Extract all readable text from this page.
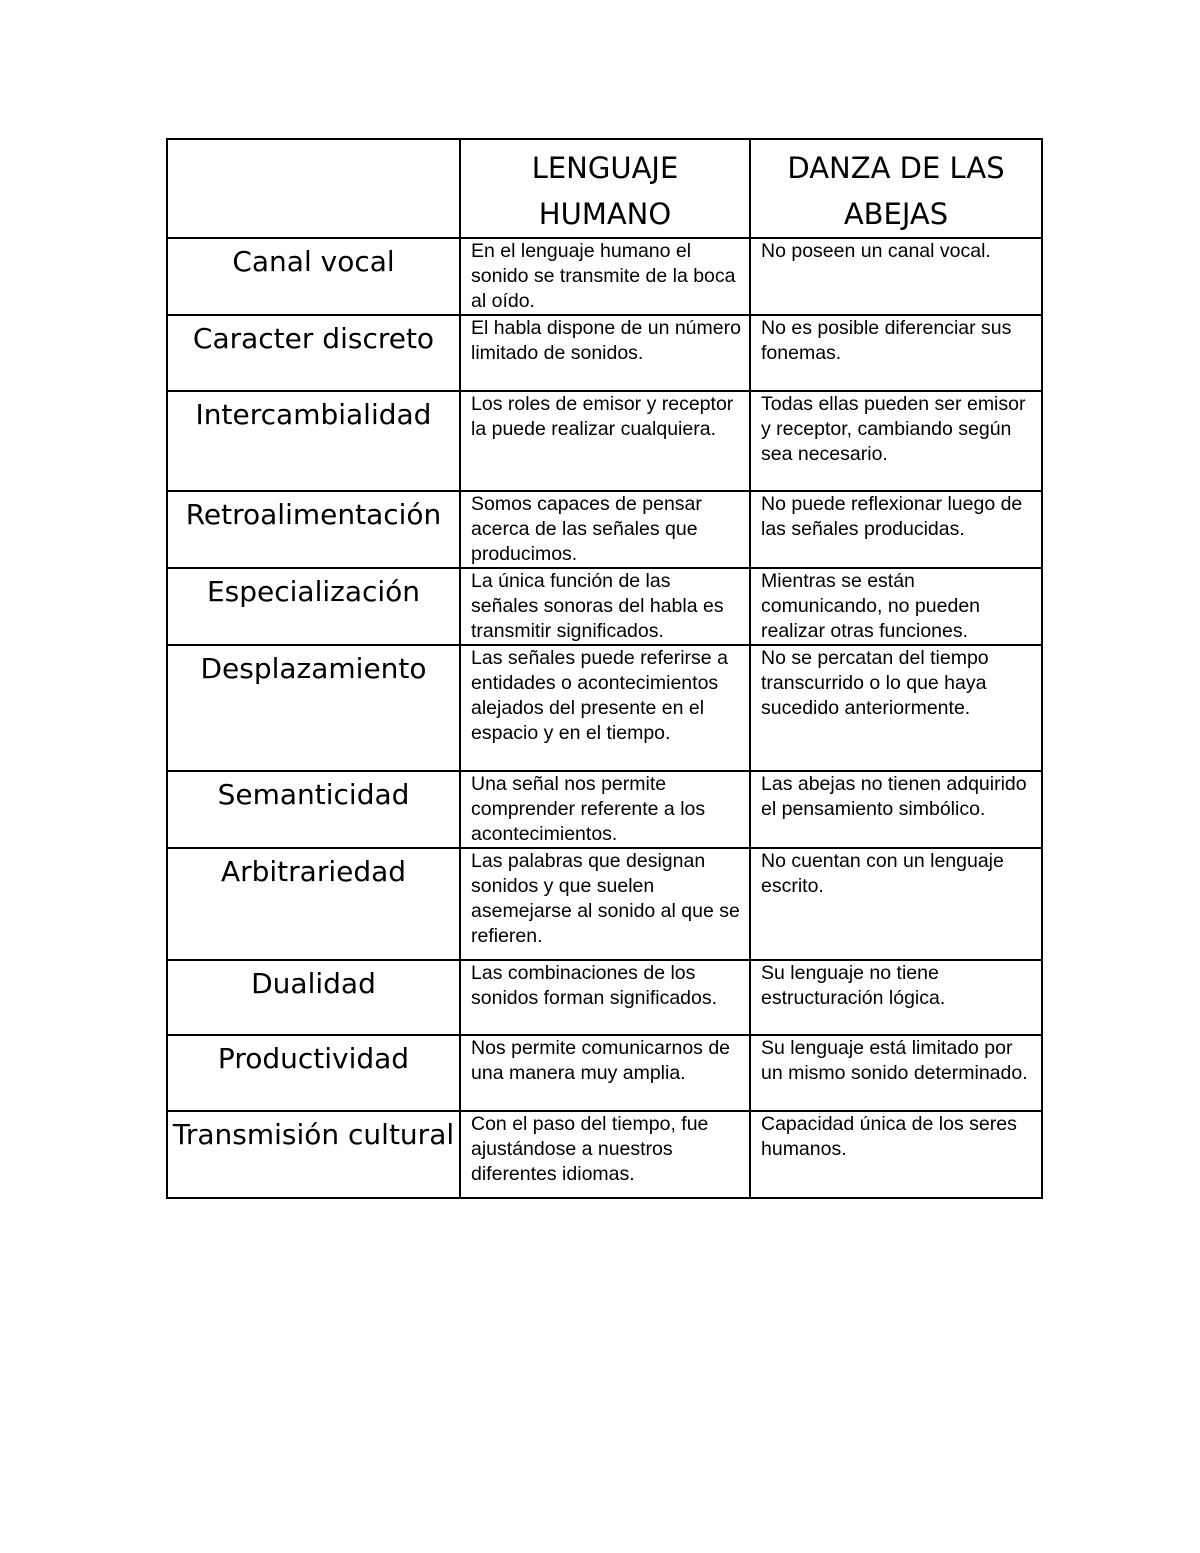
	LENGUAJE HUMANO	DANZA DE LAS ABEJAS

Canal vocal	En el lenguaje humano el sonido se transmite de la boca al oído.	No poseen un canal vocal.

Caracter discreto	El habla dispone de un número limitado de sonidos.	No es posible diferenciar sus fonemas.

Intercambialidad	Los roles de emisor y receptor la puede realizar cualquiera.	Todas ellas pueden ser emisor y receptor, cambiando según sea necesario.

Retroalimentación	Somos capaces de pensar acerca de las señales que producimos.	No puede reflexionar luego de las señales producidas.

Especialización	La única función de las señales sonoras del habla es transmitir significados.	Mientras se están comunicando, no pueden realizar otras funciones.

Desplazamiento	Las señales puede referirse a entidades o acontecimientos alejados del presente en el espacio y en el tiempo.	No se percatan del tiempo transcurrido o lo que haya sucedido anteriormente.

Semanticidad	Una señal nos permite comprender referente a los acontecimientos.	Las abejas no tienen adquirido el pensamiento simbólico.

Arbitrariedad	Las palabras que designan sonidos y que suelen asemejarse al sonido al que se refieren.	No cuentan con un lenguaje escrito.

Dualidad	Las combinaciones de los sonidos forman significados.	Su lenguaje no tiene estructuración lógica.

Productividad	Nos permite comunicarnos de una manera muy amplia.	Su lenguaje está limitado por un mismo sonido determinado.

Transmisión cultural	Con el paso del tiempo, fue ajustándose a nuestros diferentes idiomas.	Capacidad única de los seres humanos.
